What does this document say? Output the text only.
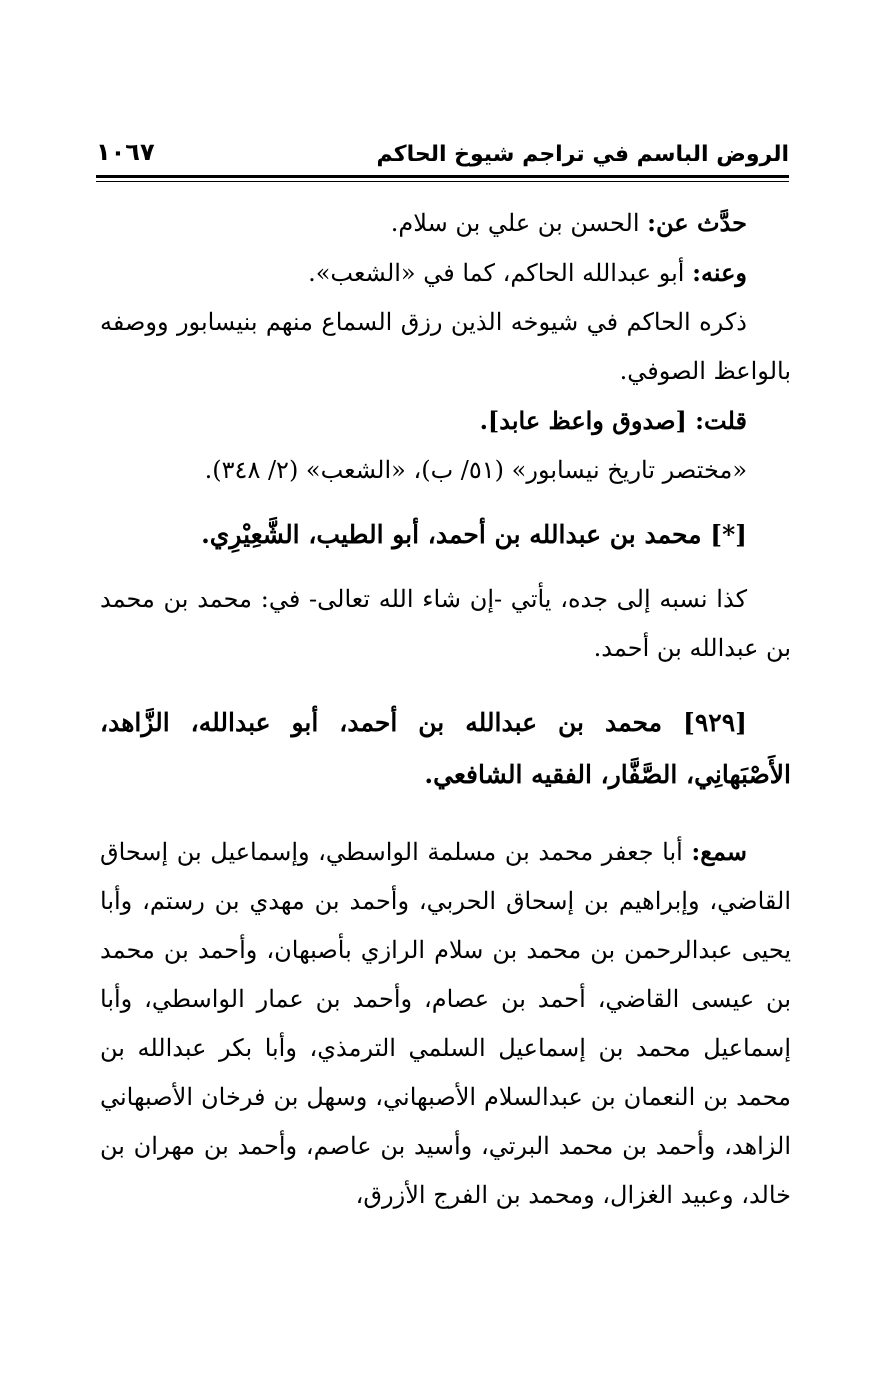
الروض الباسم في تراجم شيوخ الحاكم
١٠٦٧

حدَّث عن: الحسن بن علي بن سلام.

وعنه: أبو عبدالله الحاكم، كما في «الشعب».

ذكره الحاكم في شيوخه الذين رزق السماع منهم بنيسابور ووصفه بالواعظ الصوفي.

قلت: [صدوق واعظ عابد].

«مختصر تاريخ نيسابور» (٥١/ ب)، «الشعب» (٢/ ٣٤٨).

[*] محمد بن عبدالله بن أحمد، أبو الطيب، الشَّعِيْرِي.

كذا نسبه إلى جده، يأتي -إن شاء الله تعالى- في: محمد بن محمد بن عبدالله بن أحمد.

[٩٢٩] محمد بن عبدالله بن أحمد، أبو عبدالله، الزَّاهد، الأَصْبَهانِي، الصَّفَّار، الفقيه الشافعي.

سمع: أبا جعفر محمد بن مسلمة الواسطي، وإسماعيل بن إسحاق القاضي، وإبراهيم بن إسحاق الحربي، وأحمد بن مهدي بن رستم، وأبا يحيى عبدالرحمن بن محمد بن سلام الرازي بأصبهان، وأحمد بن محمد بن عيسى القاضي، أحمد بن عصام، وأحمد بن عمار الواسطي، وأبا إسماعيل محمد بن إسماعيل السلمي الترمذي، وأبا بكر عبدالله بن محمد بن النعمان بن عبدالسلام الأصبهاني، وسهل بن فرخان الأصبهاني الزاهد، وأحمد بن محمد البرتي، وأسيد بن عاصم، وأحمد بن مهران بن خالد، وعبيد الغزال، ومحمد بن الفرج الأزرق،
